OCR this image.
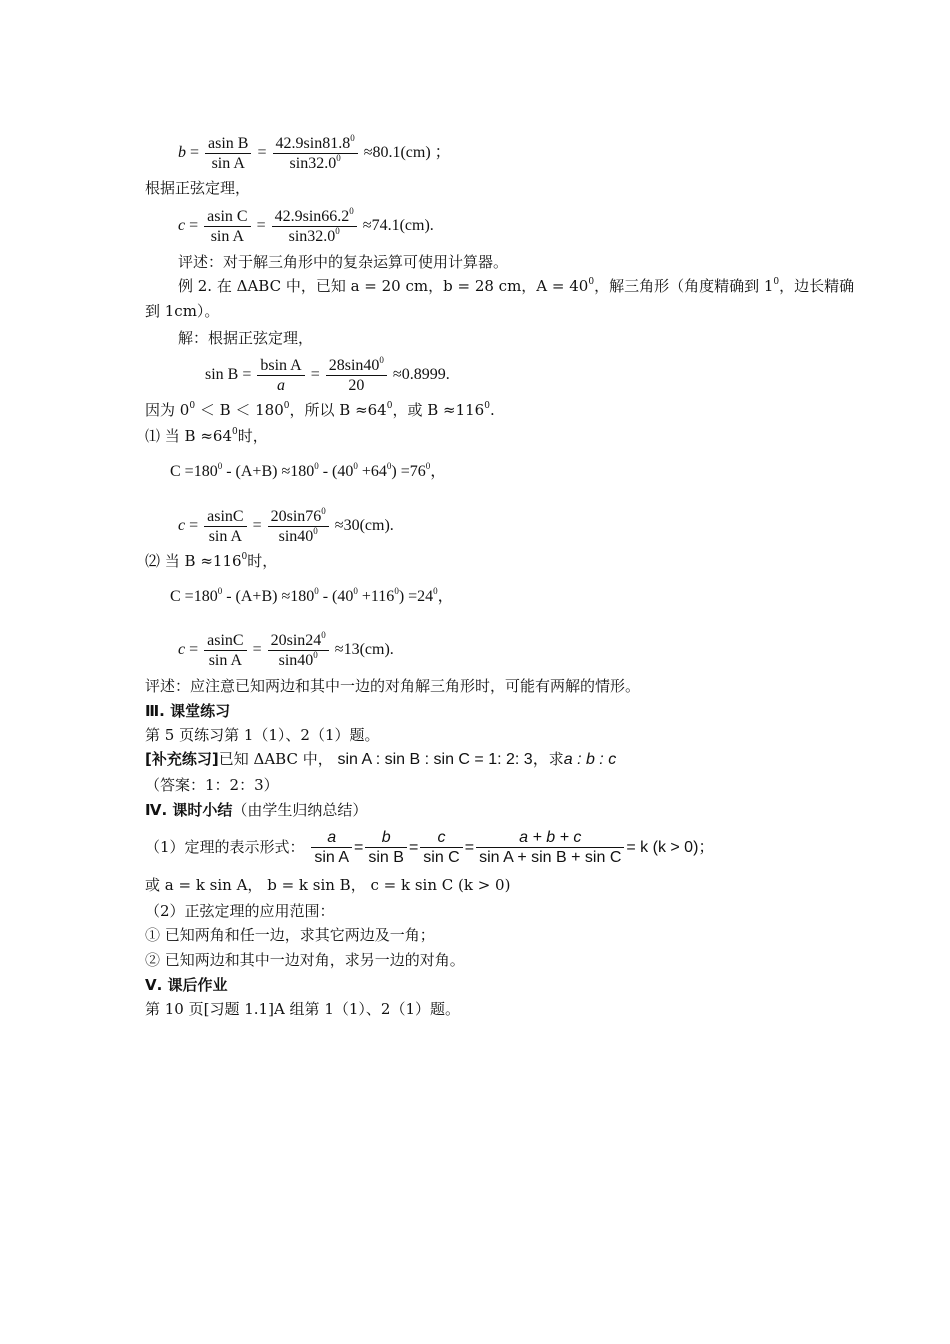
$b = \frac{\text{asin B}}{\text{sin A}} = \frac{42.9\sin 81.8^0}{\sin 32.0^0} \approx 80.1(cm)$ ；
根据正弦定理，
$c = \frac{\text{asin C}}{\text{sin A}} = \frac{42.9\sin 66.2^0}{\sin 32.0^0} \approx 74.1(cm)$.
评述：对于解三角形中的复杂运算可使用计算器。
例 2. 在 ΔABC 中，已知 a = 20 cm，b = 28 cm，$A = 40^0$，解三角形（角度精确到 $1^0$，边长精确
到 1cm）。
解：根据正弦定理，
$\sin B = \frac{\text{bsin A}}{a} = \frac{28\sin 40^0}{20} \approx 0.8999$.
因为 $0^0 < B < 180^0$，所以 $B \approx 64^0$，或 $B \approx 116^0$.
⑴ 当 $B \approx 64^0$时，
$C =180^0 - (A+B) \approx 180^0 - (40^0 +64^0) =76^0$，
$c = \frac{asinC}{\text{sin A}} = \frac{20\sin 76^0}{\sin 40^0} \approx 30(cm)$.
⑵ 当 $B \approx 116^0$时，
$C =180^0 - (A+B) \approx 180^0 - (40^0 +116^0) =24^0$，
$c = \frac{asinC}{\text{sin A}} = \frac{20\sin 24^0}{\sin 40^0} \approx 13(cm)$.
评述：应注意已知两边和其中一边的对角解三角形时，可能有两解的情形。
Ⅲ. 课堂练习
第 5 页练习第 1（1）、2（1）题。
[补充练习]已知 ΔABC 中， sin A : sin B : sin C = 1: 2: 3，求a : b : c
（答案：1：2：3）
Ⅳ. 课时小结（由学生归纳总结）
（1）定理的表示形式： $\frac{a}{\text{sin A}} = \frac{b}{\text{sin B}} = \frac{c}{\text{sin C}} = \frac{a + b + c}{\text{sin A + sin B + sin C}} = k$ (k > 0)；
或 a = k sin A， b = k sin B， c = k sin C (k > 0)
（2）正弦定理的应用范围：
① 已知两角和任一边，求其它两边及一角；
② 已知两边和其中一边对角，求另一边的对角。
Ⅴ. 课后作业
第 10 页[习题 1.1]A 组第 1（1）、2（1）题。
